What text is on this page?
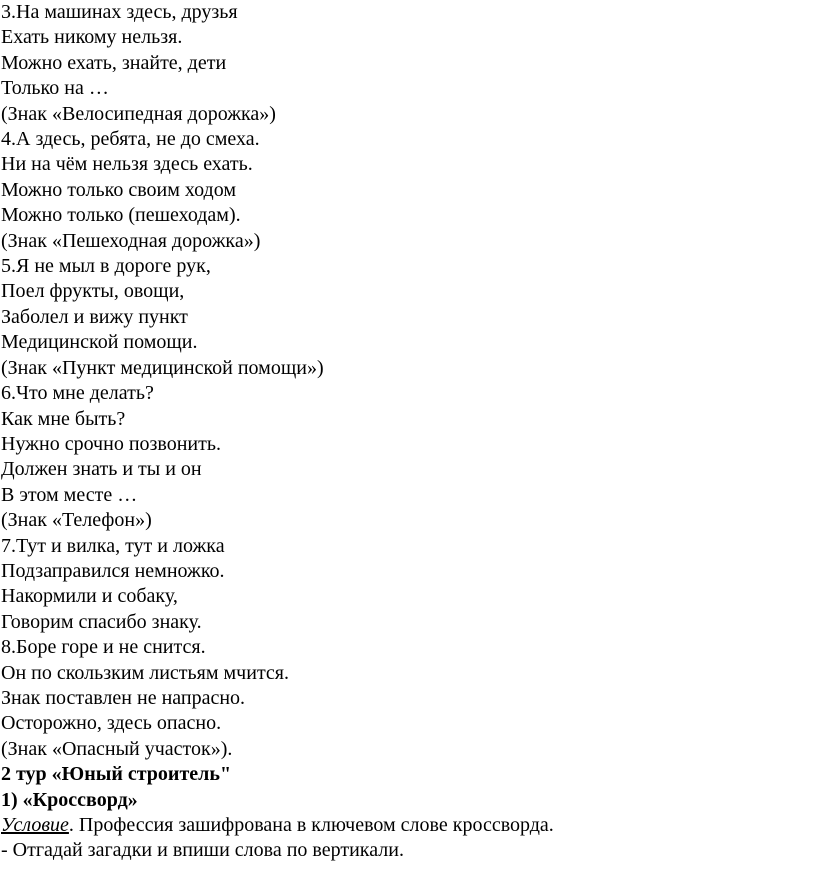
3.На машинах здесь, друзья
Ехать никому нельзя.
Можно ехать, знайте, дети
Только на …
(Знак «Велосипедная дорожка»)
4.А здесь, ребята, не до смеха.
Ни на чём нельзя здесь ехать.
Можно только своим ходом
Можно только (пешеходам).
(Знак «Пешеходная дорожка»)
5.Я не мыл в дороге рук,
Поел фрукты, овощи,
Заболел и вижу пункт
Медицинской помощи.
(Знак «Пункт медицинской помощи»)
6.Что мне делать?
Как мне быть?
Нужно срочно позвонить.
Должен знать и ты и он
В этом месте …
(Знак «Телефон»)
7.Тут и вилка, тут и ложка
Подзаправился немножко.
Накормили и собаку,
Говорим спасибо знаку.
8.Боре горе и не снится.
Он по скользким листьям мчится.
Знак поставлен не напрасно.
Осторожно, здесь опасно.
(Знак «Опасный участок»).
2 тур «Юный строитель"
1) «Кроссворд»
Условие. Профессия зашифрована в ключевом слове кроссворда.
- Отгадай загадки и впиши слова по вертикали.
